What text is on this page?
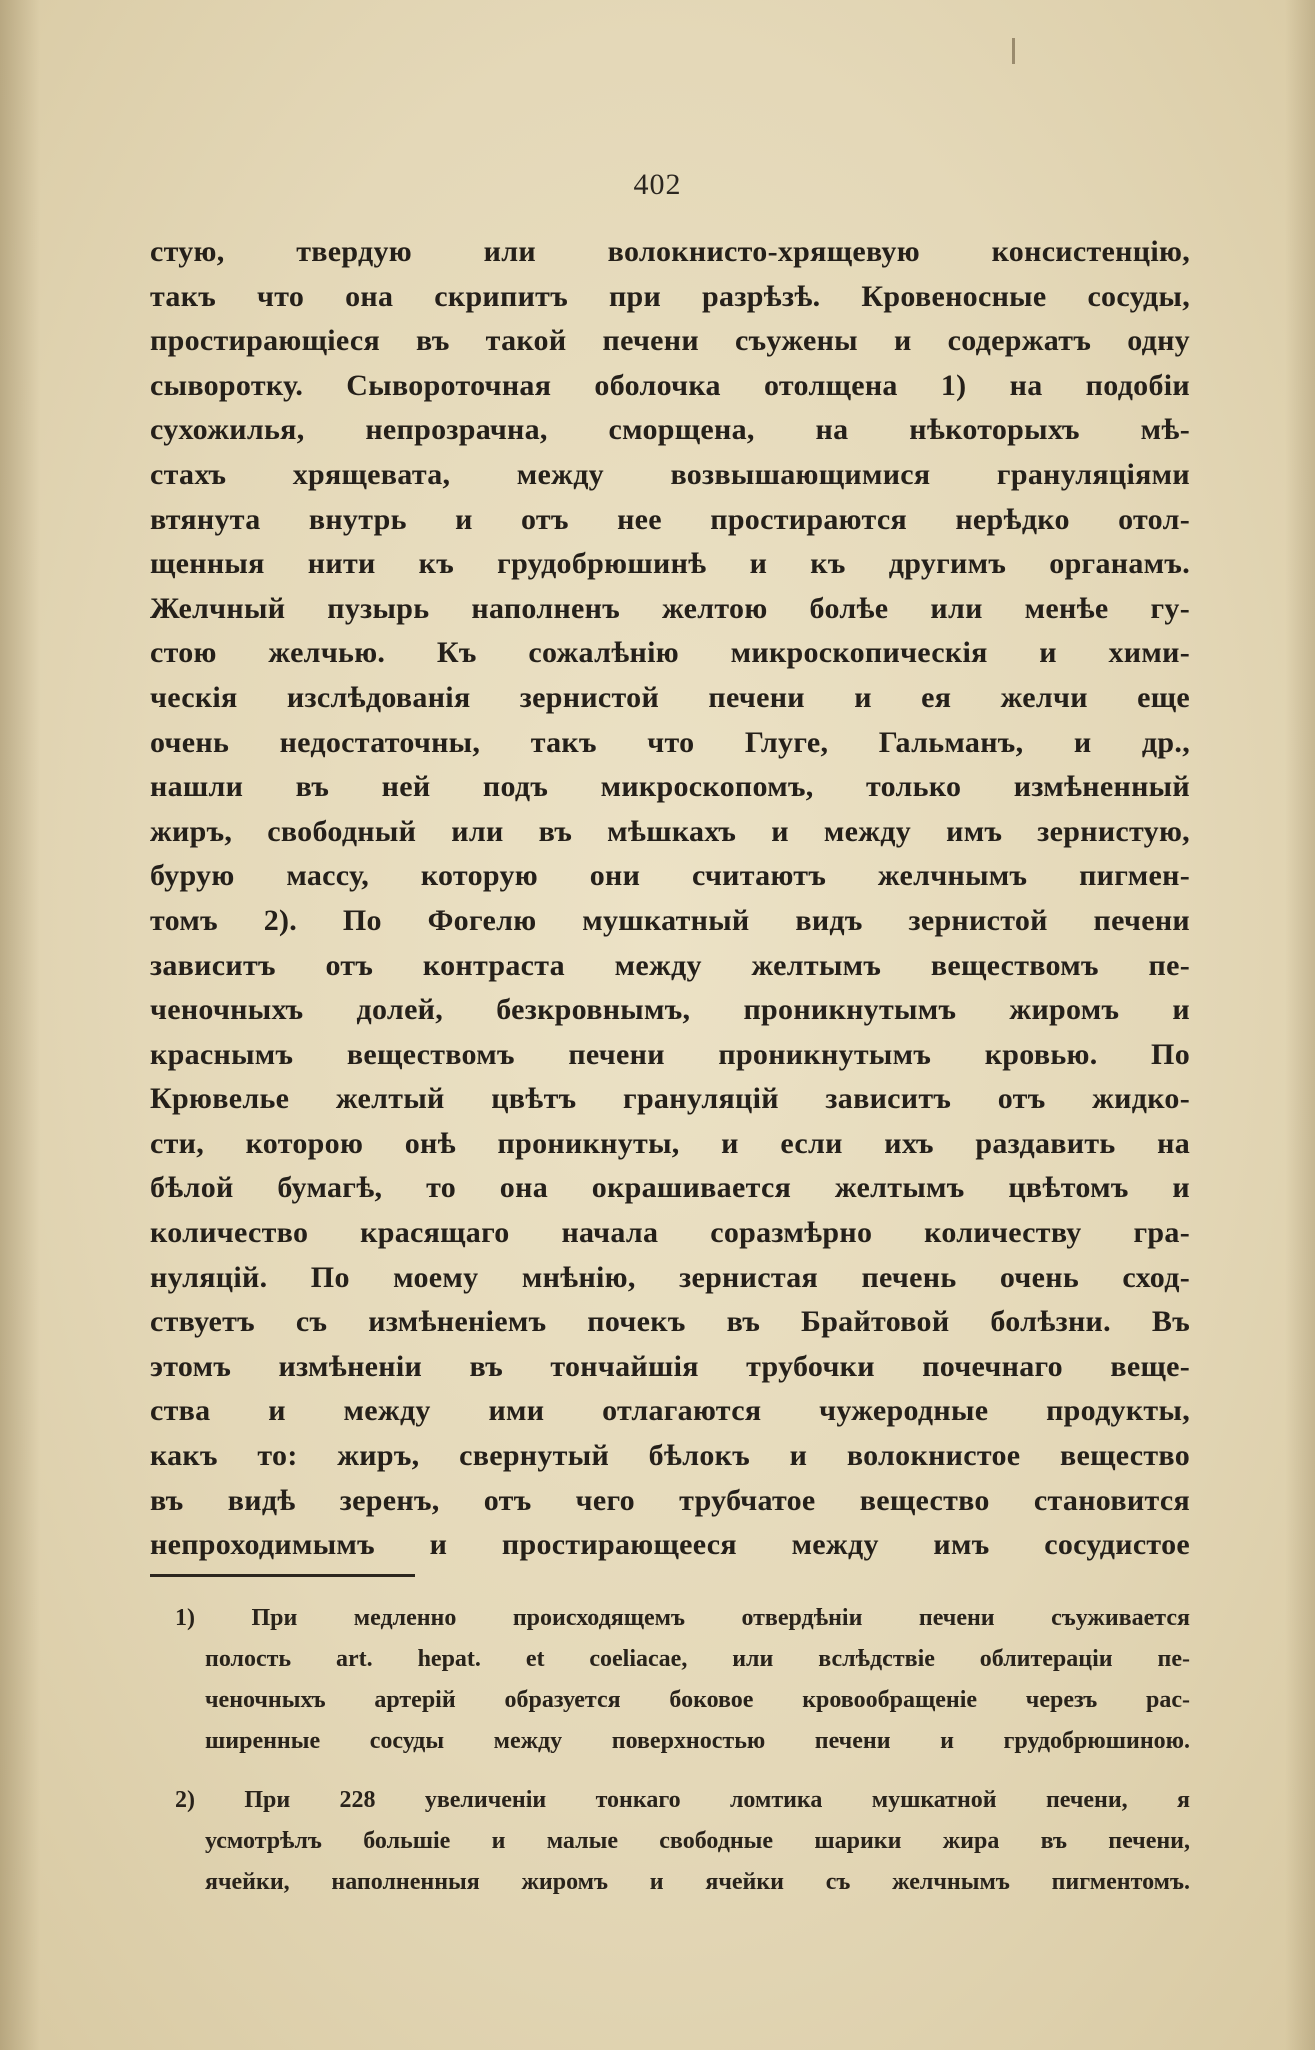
402
стую, твердую или волокнисто-хрящевую консистенцію,
такъ что она скрипитъ при разрѣзѣ. Кровеносные сосуды,
простирающіеся въ такой печени съужены и содержатъ одну
сыворотку. Сывороточная оболочка отолщена 1) на подобіи
сухожилья, непрозрачна, сморщена, на нѣкоторыхъ мѣ-
стахъ хрящевата, между возвышающимися грануляціями
втянута внутрь и отъ нее простираются нерѣдко отол-
щенныя нити къ грудобрюшинѣ и къ другимъ органамъ.
Желчный пузырь наполненъ желтою болѣе или менѣе гу-
стою желчью. Къ сожалѣнію микроскопическія и хими-
ческія изслѣдованія зернистой печени и ея желчи еще
очень недостаточны, такъ что Глуге, Гальманъ, и др.,
нашли въ ней подъ микроскопомъ, только измѣненный
жиръ, свободный или въ мѣшкахъ и между имъ зернистую,
бурую массу, которую они считаютъ желчнымъ пигмен-
томъ 2). По Фогелю мушкатный видъ зернистой печени
зависитъ отъ контраста между желтымъ веществомъ пе-
ченочныхъ долей, безкровнымъ, проникнутымъ жиромъ и
краснымъ веществомъ печени проникнутымъ кровью. По
Крювелье желтый цвѣтъ грануляцій зависитъ отъ жидко-
сти, которою онѣ проникнуты, и если ихъ раздавить на
бѣлой бумагѣ, то она окрашивается желтымъ цвѣтомъ и
количество красящаго начала соразмѣрно количеству гра-
нуляцій. По моему мнѣнію, зернистая печень очень сход-
ствуетъ съ измѣненіемъ почекъ въ Брайтовой болѣзни. Въ
этомъ измѣненіи въ тончайшія трубочки почечнаго веще-
ства и между ими отлагаются чужеродные продукты,
какъ то: жиръ, свернутый бѣлокъ и волокнистое вещество
въ видѣ зеренъ, отъ чего трубчатое вещество становится
непроходимымъ и простирающееся между имъ сосудистое
1) При медленно происходящемъ отвердѣніи печени съуживается
полость art. hepat. et coeliacae, или вслѣдствіе облитераціи пе-
ченочныхъ артерій образуется боковое кровообращеніе черезъ рас-
ширенные сосуды между поверхностью печени и грудобрюшиною.
2) При 228 увеличеніи тонкаго ломтика мушкатной печени, я
усмотрѣлъ большіе и малые свободные шарики жира въ печени,
ячейки, наполненныя жиромъ и ячейки съ желчнымъ пигментомъ.
